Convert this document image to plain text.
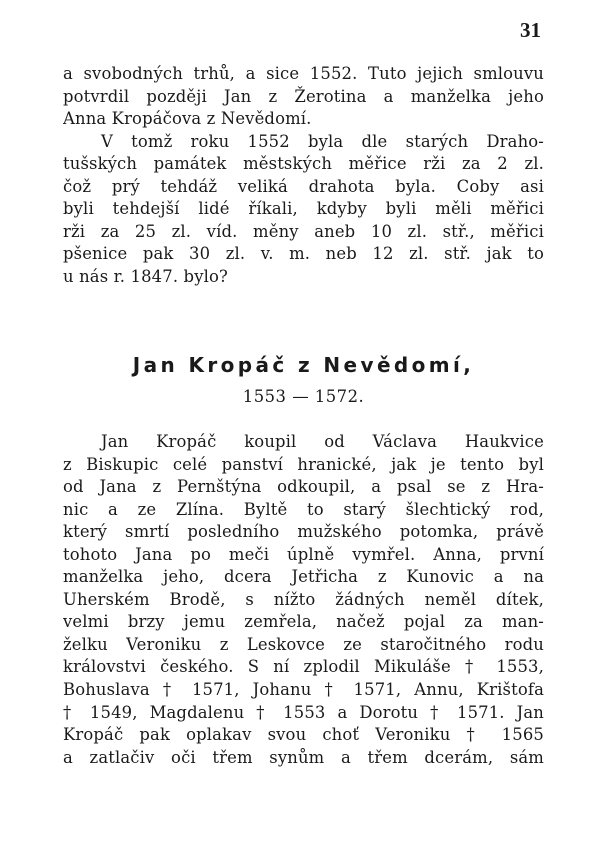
31
a svobodných trhů, a sice 1552. Tuto jejich smlouvu
potvrdil později Jan z Žerotina a manželka jeho
Anna Kropáčova z Nevědomí.
V tomž roku 1552 byla dle starých Draho-
tušských památek městských měřice rži za 2 zl.
čož prý tehdáž veliká drahota byla. Coby asi
byli tehdejší lidé říkali, kdyby byli měli měřici
rži za 25 zl. víd. měny aneb 10 zl. stř., měřici
pšenice pak 30 zl. v. m. neb 12 zl. stř. jak to
u nás r. 1847. bylo?
Jan Kropáč z Nevědomí,
1553 — 1572.
Jan Kropáč koupil od Václava Haukvice
z Biskupic celé panství hranické, jak je tento byl
od Jana z Pernštýna odkoupil, a psal se z Hra-
nic a ze Zlína. Byltě to starý šlechtický rod,
který smrtí posledního mužského potomka, právě
tohoto Jana po meči úplně vymřel. Anna, první
manželka jeho, dcera Jetřicha z Kunovic a na
Uherském Brodě, s nížto žádných neměl dítek,
velmi brzy jemu zemřela, načež pojal za man-
želku Veroniku z Leskovce ze staročitného rodu
královstvi českého. S ní zplodil Mikuláše † 1553,
Bohuslava † 1571, Johanu † 1571, Annu, Krištofa
† 1549, Magdalenu † 1553 a Dorotu † 1571. Jan
Kropáč pak oplakav svou choť Veroniku † 1565
a zatlačiv oči třem synům a třem dcerám, sám
